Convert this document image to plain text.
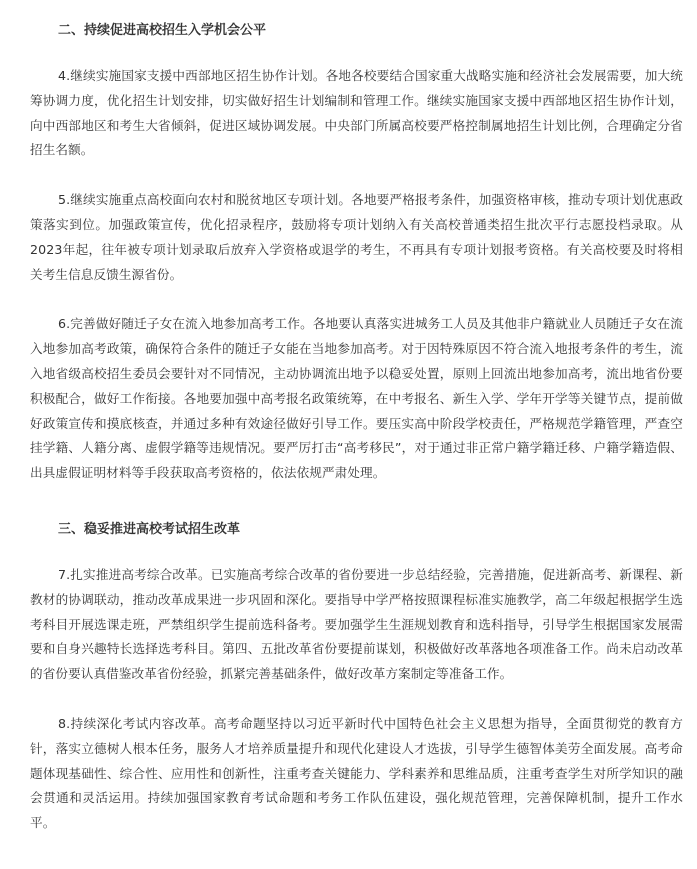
二、持续促进高校招生入学机会公平

4.继续实施国家支援中西部地区招生协作计划。各地各校要结合国家重大战略实施和经济社会发展需要，加大统筹协调力度，优化招生计划安排，切实做好招生计划编制和管理工作。继续实施国家支援中西部地区招生协作计划，向中西部地区和考生大省倾斜，促进区域协调发展。中央部门所属高校要严格控制属地招生计划比例，合理确定分省招生名额。

5.继续实施重点高校面向农村和脱贫地区专项计划。各地要严格报考条件，加强资格审核，推动专项计划优惠政策落实到位。加强政策宣传，优化招录程序，鼓励将专项计划纳入有关高校普通类招生批次平行志愿投档录取。从2023年起，往年被专项计划录取后放弃入学资格或退学的考生，不再具有专项计划报考资格。有关高校要及时将相关考生信息反馈生源省份。

6.完善做好随迁子女在流入地参加高考工作。各地要认真落实进城务工人员及其他非户籍就业人员随迁子女在流入地参加高考政策，确保符合条件的随迁子女能在当地参加高考。对于因特殊原因不符合流入地报考条件的考生，流入地省级高校招生委员会要针对不同情况，主动协调流出地予以稳妥处置，原则上回流出地参加高考，流出地省份要积极配合，做好工作衔接。各地要加强中高考报名政策统筹，在中考报名、新生入学、学年开学等关键节点，提前做好政策宣传和摸底核查，并通过多种有效途径做好引导工作。要压实高中阶段学校责任，严格规范学籍管理，严查空挂学籍、人籍分离、虚假学籍等违规情况。要严厉打击“高考移民”，对于通过非正常户籍学籍迁移、户籍学籍造假、出具虚假证明材料等手段获取高考资格的，依法依规严肃处理。

三、稳妥推进高校考试招生改革

7.扎实推进高考综合改革。已实施高考综合改革的省份要进一步总结经验，完善措施，促进新高考、新课程、新教材的协调联动，推动改革成果进一步巩固和深化。要指导中学严格按照课程标准实施教学，高二年级起根据学生选考科目开展选课走班，严禁组织学生提前选科备考。要加强学生生涯规划教育和选科指导，引导学生根据国家发展需要和自身兴趣特长选择选考科目。第四、五批改革省份要提前谋划，积极做好改革落地各项准备工作。尚未启动改革的省份要认真借鉴改革省份经验，抓紧完善基础条件，做好改革方案制定等准备工作。

8.持续深化考试内容改革。高考命题坚持以习近平新时代中国特色社会主义思想为指导，全面贯彻党的教育方针，落实立德树人根本任务，服务人才培养质量提升和现代化建设人才选拔，引导学生德智体美劳全面发展。高考命题体现基础性、综合性、应用性和创新性，注重考查关键能力、学科素养和思维品质，注重考查学生对所学知识的融会贯通和灵活运用。持续加强国家教育考试命题和考务工作队伍建设，强化规范管理，完善保障机制，提升工作水平。
